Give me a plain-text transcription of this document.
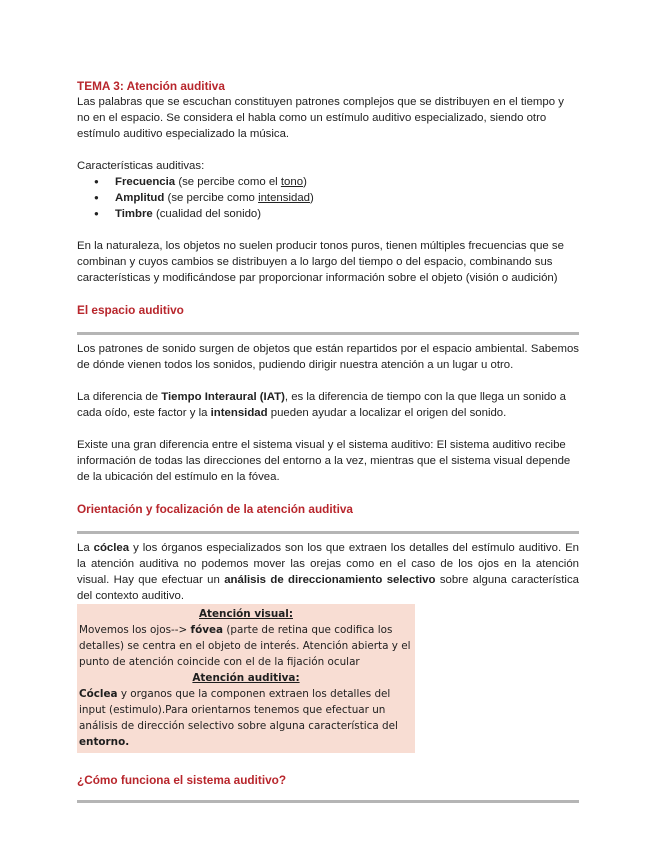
TEMA 3: Atención auditiva

Las palabras que se escuchan constituyen patrones complejos que se distribuyen en el tiempo y no en el espacio. Se considera el habla como un estímulo auditivo especializado, siendo otro estímulo auditivo especializado la música.

Características auditivas:

● Frecuencia (se percibe como el tono)
● Amplitud (se percibe como intensidad)
● Timbre (cualidad del sonido)

En la naturaleza, los objetos no suelen producir tonos puros, tienen múltiples frecuencias que se combinan y cuyos cambios se distribuyen a lo largo del tiempo o del espacio, combinando sus características y modificándose par proporcionar información sobre el objeto (visión o audición)

El espacio auditivo

Los patrones de sonido surgen de objetos que están repartidos por el espacio ambiental. Sabemos de dónde vienen todos los sonidos, pudiendo dirigir nuestra atención a un lugar u otro.

La diferencia de Tiempo Interaural (IAT), es la diferencia de tiempo con la que llega un sonido a cada oído, este factor y la intensidad pueden ayudar a localizar el origen del sonido.

Existe una gran diferencia entre el sistema visual y el sistema auditivo: El sistema auditivo recibe información de todas las direcciones del entorno a la vez, mientras que el sistema visual depende de la ubicación del estímulo en la fóvea.

Orientación y focalización de la atención auditiva

La cóclea y los órganos especializados son los que extraen los detalles del estímulo auditivo. En la atención auditiva no podemos mover las orejas como en el caso de los ojos en la atención visual. Hay que efectuar un análisis de direccionamiento selectivo sobre alguna característica del contexto auditivo.

Atención visual:

Movemos los ojos--> fóvea (parte de retina que codifica los detalles) se centra en el objeto de interés. Atención abierta y el punto de atención coincide con el de la fijación ocular

Atención auditiva:

Cóclea y organos que la componen extraen los detalles del input (estimulo).Para orientarnos tenemos que efectuar un análisis de dirección selectivo sobre alguna característica del entorno.

¿Cómo funciona el sistema auditivo?
